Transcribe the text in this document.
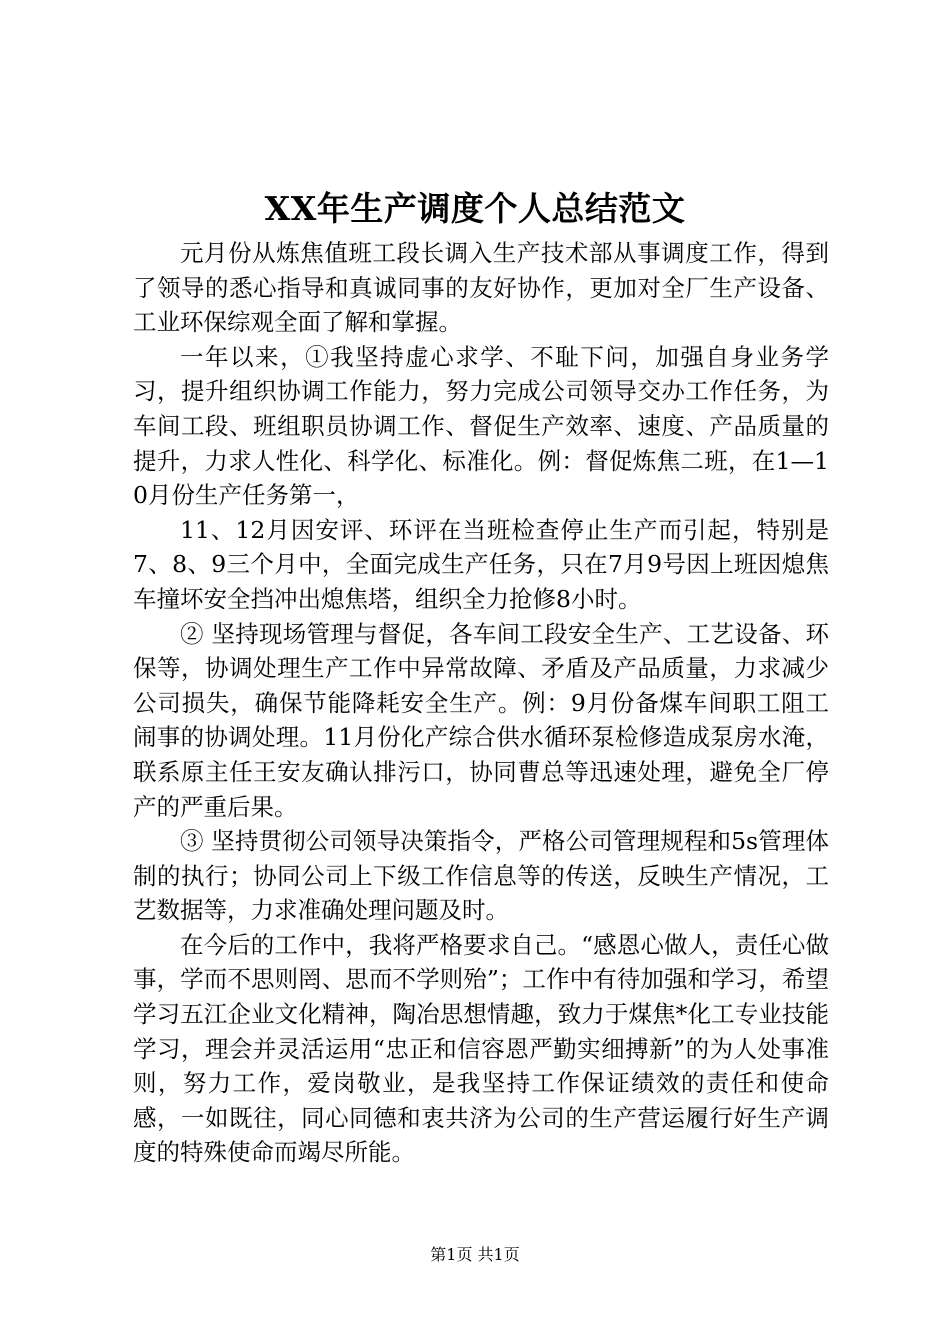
XX年生产调度个人总结范文

元月份从炼焦值班工段长调入生产技术部从事调度工作，得到了领导的悉心指导和真诚同事的友好协作，更加对全厂生产设备、工业环保综观全面了解和掌握。

一年以来，①我坚持虚心求学、不耻下问，加强自身业务学习，提升组织协调工作能力，努力完成公司领导交办工作任务，为车间工段、班组职员协调工作、督促生产效率、速度、产品质量的提升，力求人性化、科学化、标准化。例：督促炼焦二班，在1—10月份生产任务第一，

11、12月因安评、环评在当班检查停止生产而引起，特别是7、8、9三个月中，全面完成生产任务，只在7月9号因上班因熄焦车撞坏安全挡冲出熄焦塔，组织全力抢修8小时。

② 坚持现场管理与督促，各车间工段安全生产、工艺设备、环保等，协调处理生产工作中异常故障、矛盾及产品质量，力求减少公司损失，确保节能降耗安全生产。例：9月份备煤车间职工阻工闹事的协调处理。11月份化产综合供水循环泵检修造成泵房水淹，联系原主任王安友确认排污口，协同曹总等迅速处理，避免全厂停产的严重后果。

③ 坚持贯彻公司领导决策指令，严格公司管理规程和5s管理体制的执行；协同公司上下级工作信息等的传送，反映生产情况，工艺数据等，力求准确处理问题及时。

在今后的工作中，我将严格要求自己。“感恩心做人，责任心做事，学而不思则罔、思而不学则殆”；工作中有待加强和学习，希望学习五江企业文化精神，陶冶思想情趣，致力于煤焦*化工专业技能学习，理会并灵活运用“忠正和信容恩严勤实细搏新”的为人处事准则，努力工作，爱岗敬业，是我坚持工作保证绩效的责任和使命感，一如既往，同心同德和衷共济为公司的生产营运履行好生产调度的特殊使命而竭尽所能。

第1页 共1页
